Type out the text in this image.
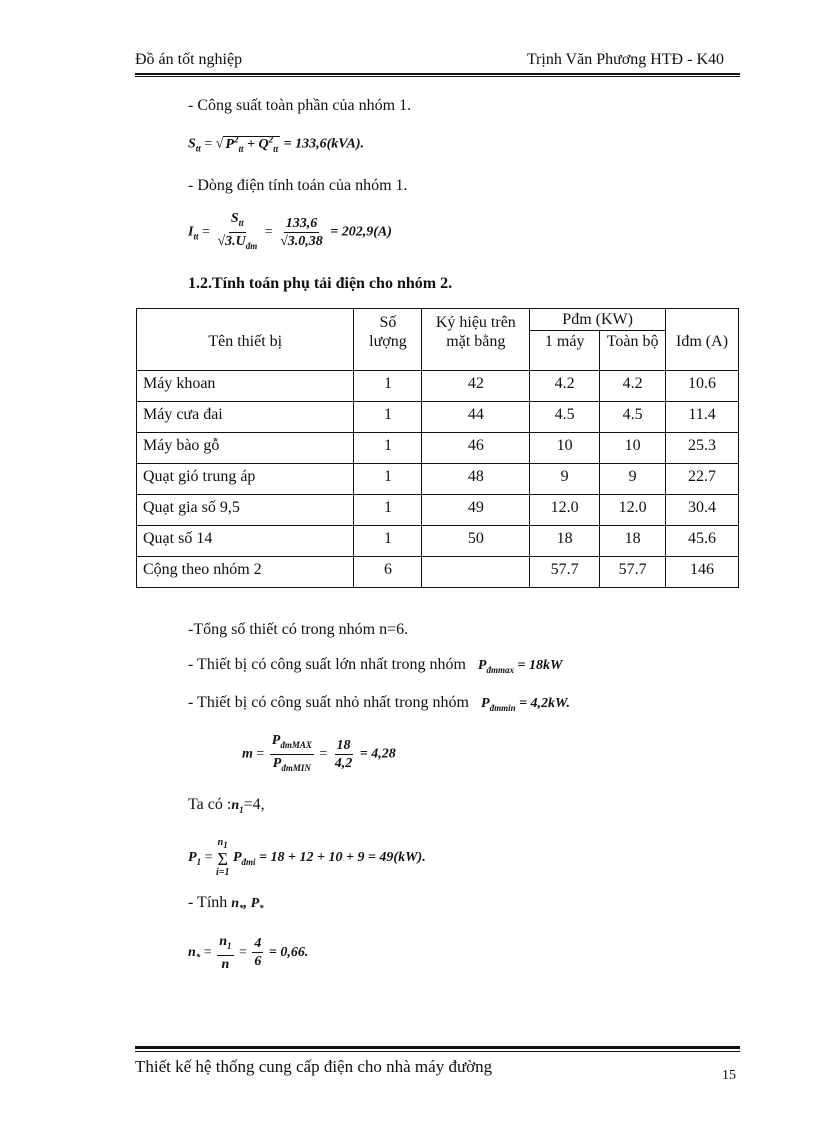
Đồ án tốt nghiệp	Trịnh Văn Phương HTĐ - K40
- Công suất toàn phần của nhóm 1.
$S_{tt}$ = √ $P^2_{tt} + Q^2_{tt} = 133,6(kVA)$.
- Dòng điện tính toán của nhóm 1.
$I_{tt} = \frac{S_{tt}}{√3.U_{đm}} = \frac{133,6}{√3.0,38} = 202,9(A)$
1.2.Tính toán phụ tải điện cho nhóm 2.
Tên thiết bị	Số lượng	Ký hiệu trên mặt bằng	Pđm (KW)		Iđm (A)
			1 máy	Toàn bộ	
Máy khoan	1	42	4.2	4.2	10.6
Máy cưa đai	1	44	4.5	4.5	11.4
Máy bào gỗ	1	46	10	10	25.3
Quạt gió trung áp	1	48	9	9	22.7
Quạt gia số 9,5	1	49	12.0	12.0	30.4
Quạt số 14	1	50	18	18	45.6
Cộng theo nhóm 2	6		57.7	57.7	146
-Tổng số thiết có trong nhóm n=6.
- Thiết bị có công suất lớn nhất trong nhóm $P_{đmmax} = 18kW$
- Thiết bị có công suất nhỏ nhất trong nhóm $P_{đmmin} = 4,2kW$.
$m = \frac{P_{đmMAX}}{P_{đmMIN}} = \frac{18}{4,2} = 4,28$
Ta có $:n_1=4$,
$P_1$ =
$n_1$
Σ
i=1
$P_{đmi} = 18 + 12 + 10 + 9 = 49(kW)$.
- Tính $n_*$, $P_*$
$n_* = \frac{n_1}{n} = \frac{4}{6} = 0,66$.
Thiết kế hệ thống cung cấp điện cho nhà máy đường	15
